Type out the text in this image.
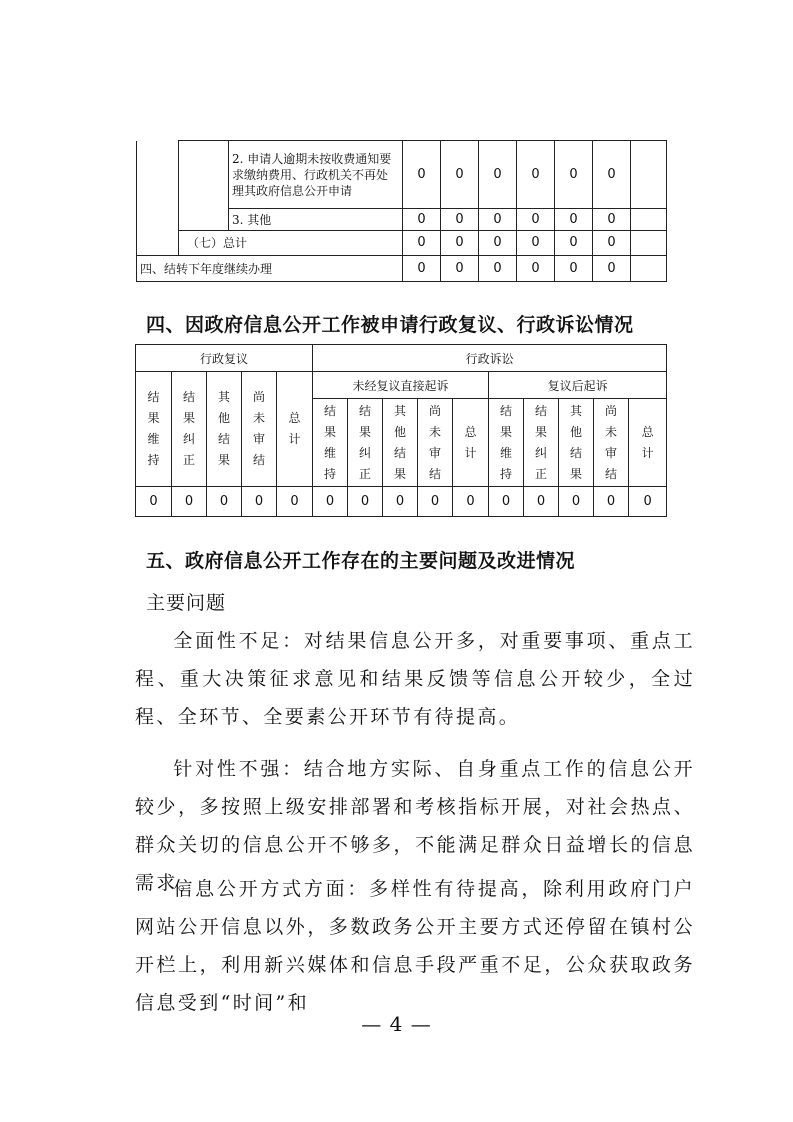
		2. 申请人逾期未按收费通知要求缴纳费用、行政机关不再处理其政府信息公开申请	0	0	0	0	0	0	
		3. 其他	0	0	0	0	0	0	
	（七）总计		0	0	0	0	0	0	
四、结转下年度继续办理			0	0	0	0	0	0	
四、因政府信息公开工作被申请行政复议、行政诉讼情况
行政复议					行政诉讼									

结果维持	结果纠正	其他结果	尚未审结	总计	未经复议直接起诉					复议后起诉				

					结果维持	结果纠正	其他结果	尚未审结	总计	结果维持	结果纠正	其他结果	尚未审结	总计

0	0	0	0	0	0	0	0	0	0	0	0	0	0	0
五、政府信息公开工作存在的主要问题及改进情况
主要问题
全面性不足：对结果信息公开多，对重要事项、重点工程、重大决策征求意见和结果反馈等信息公开较少，全过程、全环节、全要素公开环节有待提高。
针对性不强：结合地方实际、自身重点工作的信息公开较少，多按照上级安排部署和考核指标开展，对社会热点、群众关切的信息公开不够多，不能满足群众日益增长的信息需求。
信息公开方式方面：多样性有待提高，除利用政府门户网站公开信息以外，多数政务公开主要方式还停留在镇村公开栏上，利用新兴媒体和信息手段严重不足，公众获取政务信息受到“时间”和
— 4 —
